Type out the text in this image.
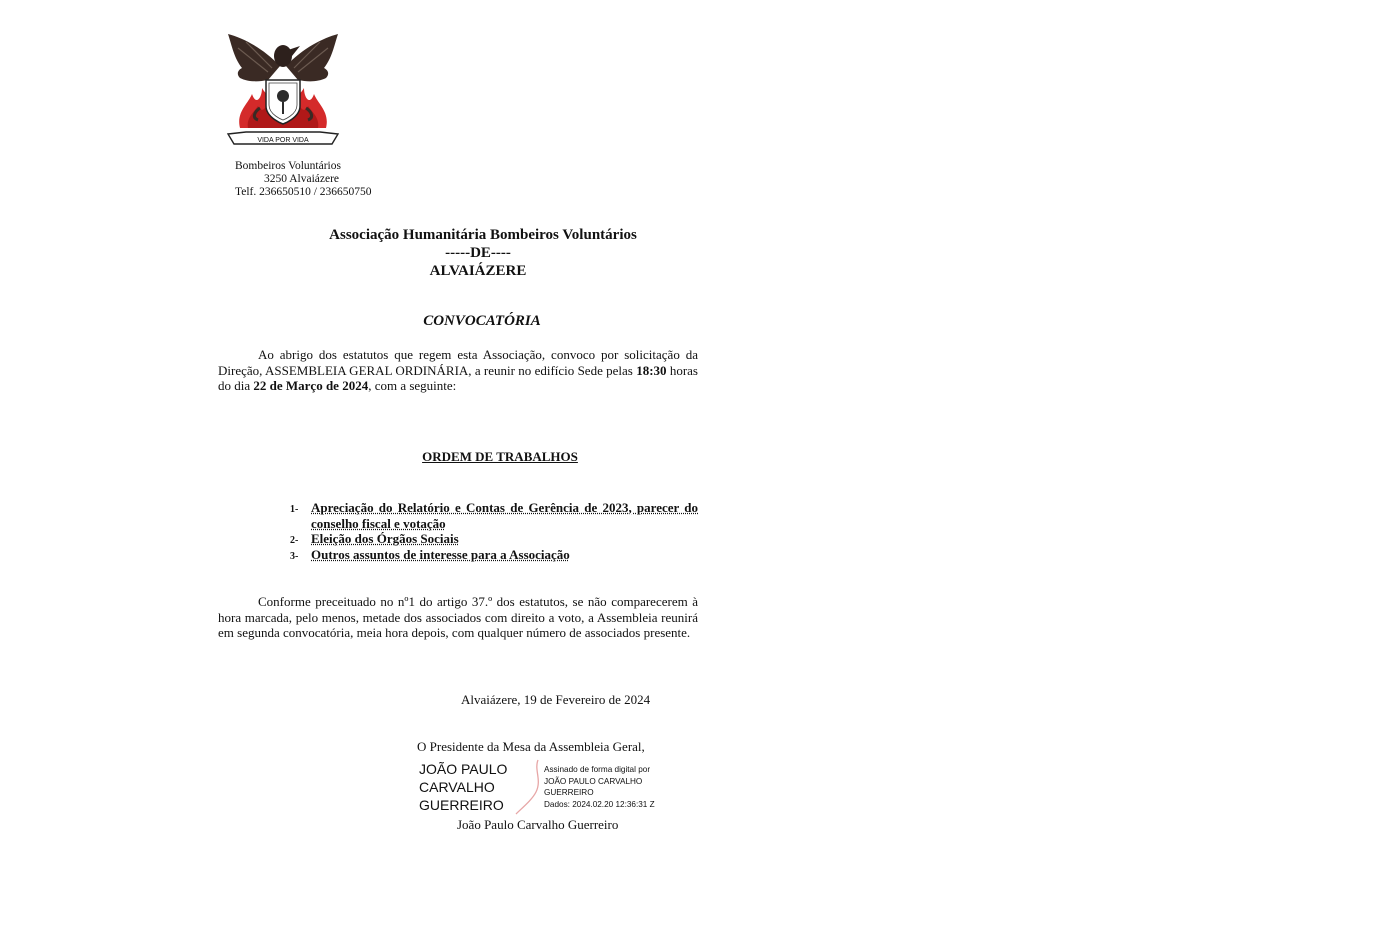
VIDA POR VIDA
Bombeiros Voluntários
3250 Alvaiázere
Telf. 236650510 / 236650750
Associação Humanitária Bombeiros Voluntários
-----DE----
ALVAIÁZERE
CONVOCATÓRIA

Ao abrigo dos estatutos que regem esta Associação, convoco por solicitação da Direção, ASSEMBLEIA GERAL ORDINÁRIA, a reunir no edifício Sede pelas 18:30 horas do dia 22 de Março de 2024, com a seguinte:

ORDEM DE TRABALHOS
1- Apreciação do Relatório e Contas de Gerência de 2023, parecer do conselho fiscal e votação
2- Eleição dos Órgãos Sociais
3- Outros assuntos de interesse para a Associação

Conforme preceituado no nº1 do artigo 37.º dos estatutos, se não comparecerem à hora marcada, pelo menos, metade dos associados com direito a voto, a Assembleia reunirá em segunda convocatória, meia hora depois, com qualquer número de associados presente.

Alvaiázere, 19 de Fevereiro de 2024
O Presidente da Mesa da Assembleia Geral,
JOÃO PAULO
CARVALHO
GUERREIRO
Assinado de forma digital por
JOÃO PAULO CARVALHO
GUERREIRO
Dados: 2024.02.20 12:36:31 Z
João Paulo Carvalho Guerreiro
